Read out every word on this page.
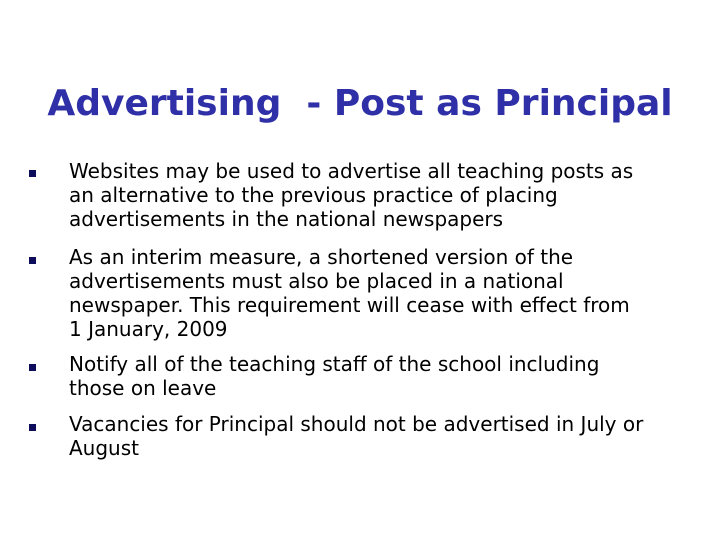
Advertising  - Post as Principal
Websites may be used to advertise all teaching posts as
an alternative to the previous practice of placing
advertisements in the national newspapers
As an interim measure, a shortened version of the
advertisements must also be placed in a national
newspaper. This requirement will cease with effect from
1 January, 2009
Notify all of the teaching staff of the school including
those on leave
Vacancies for Principal should not be advertised in July or
August
